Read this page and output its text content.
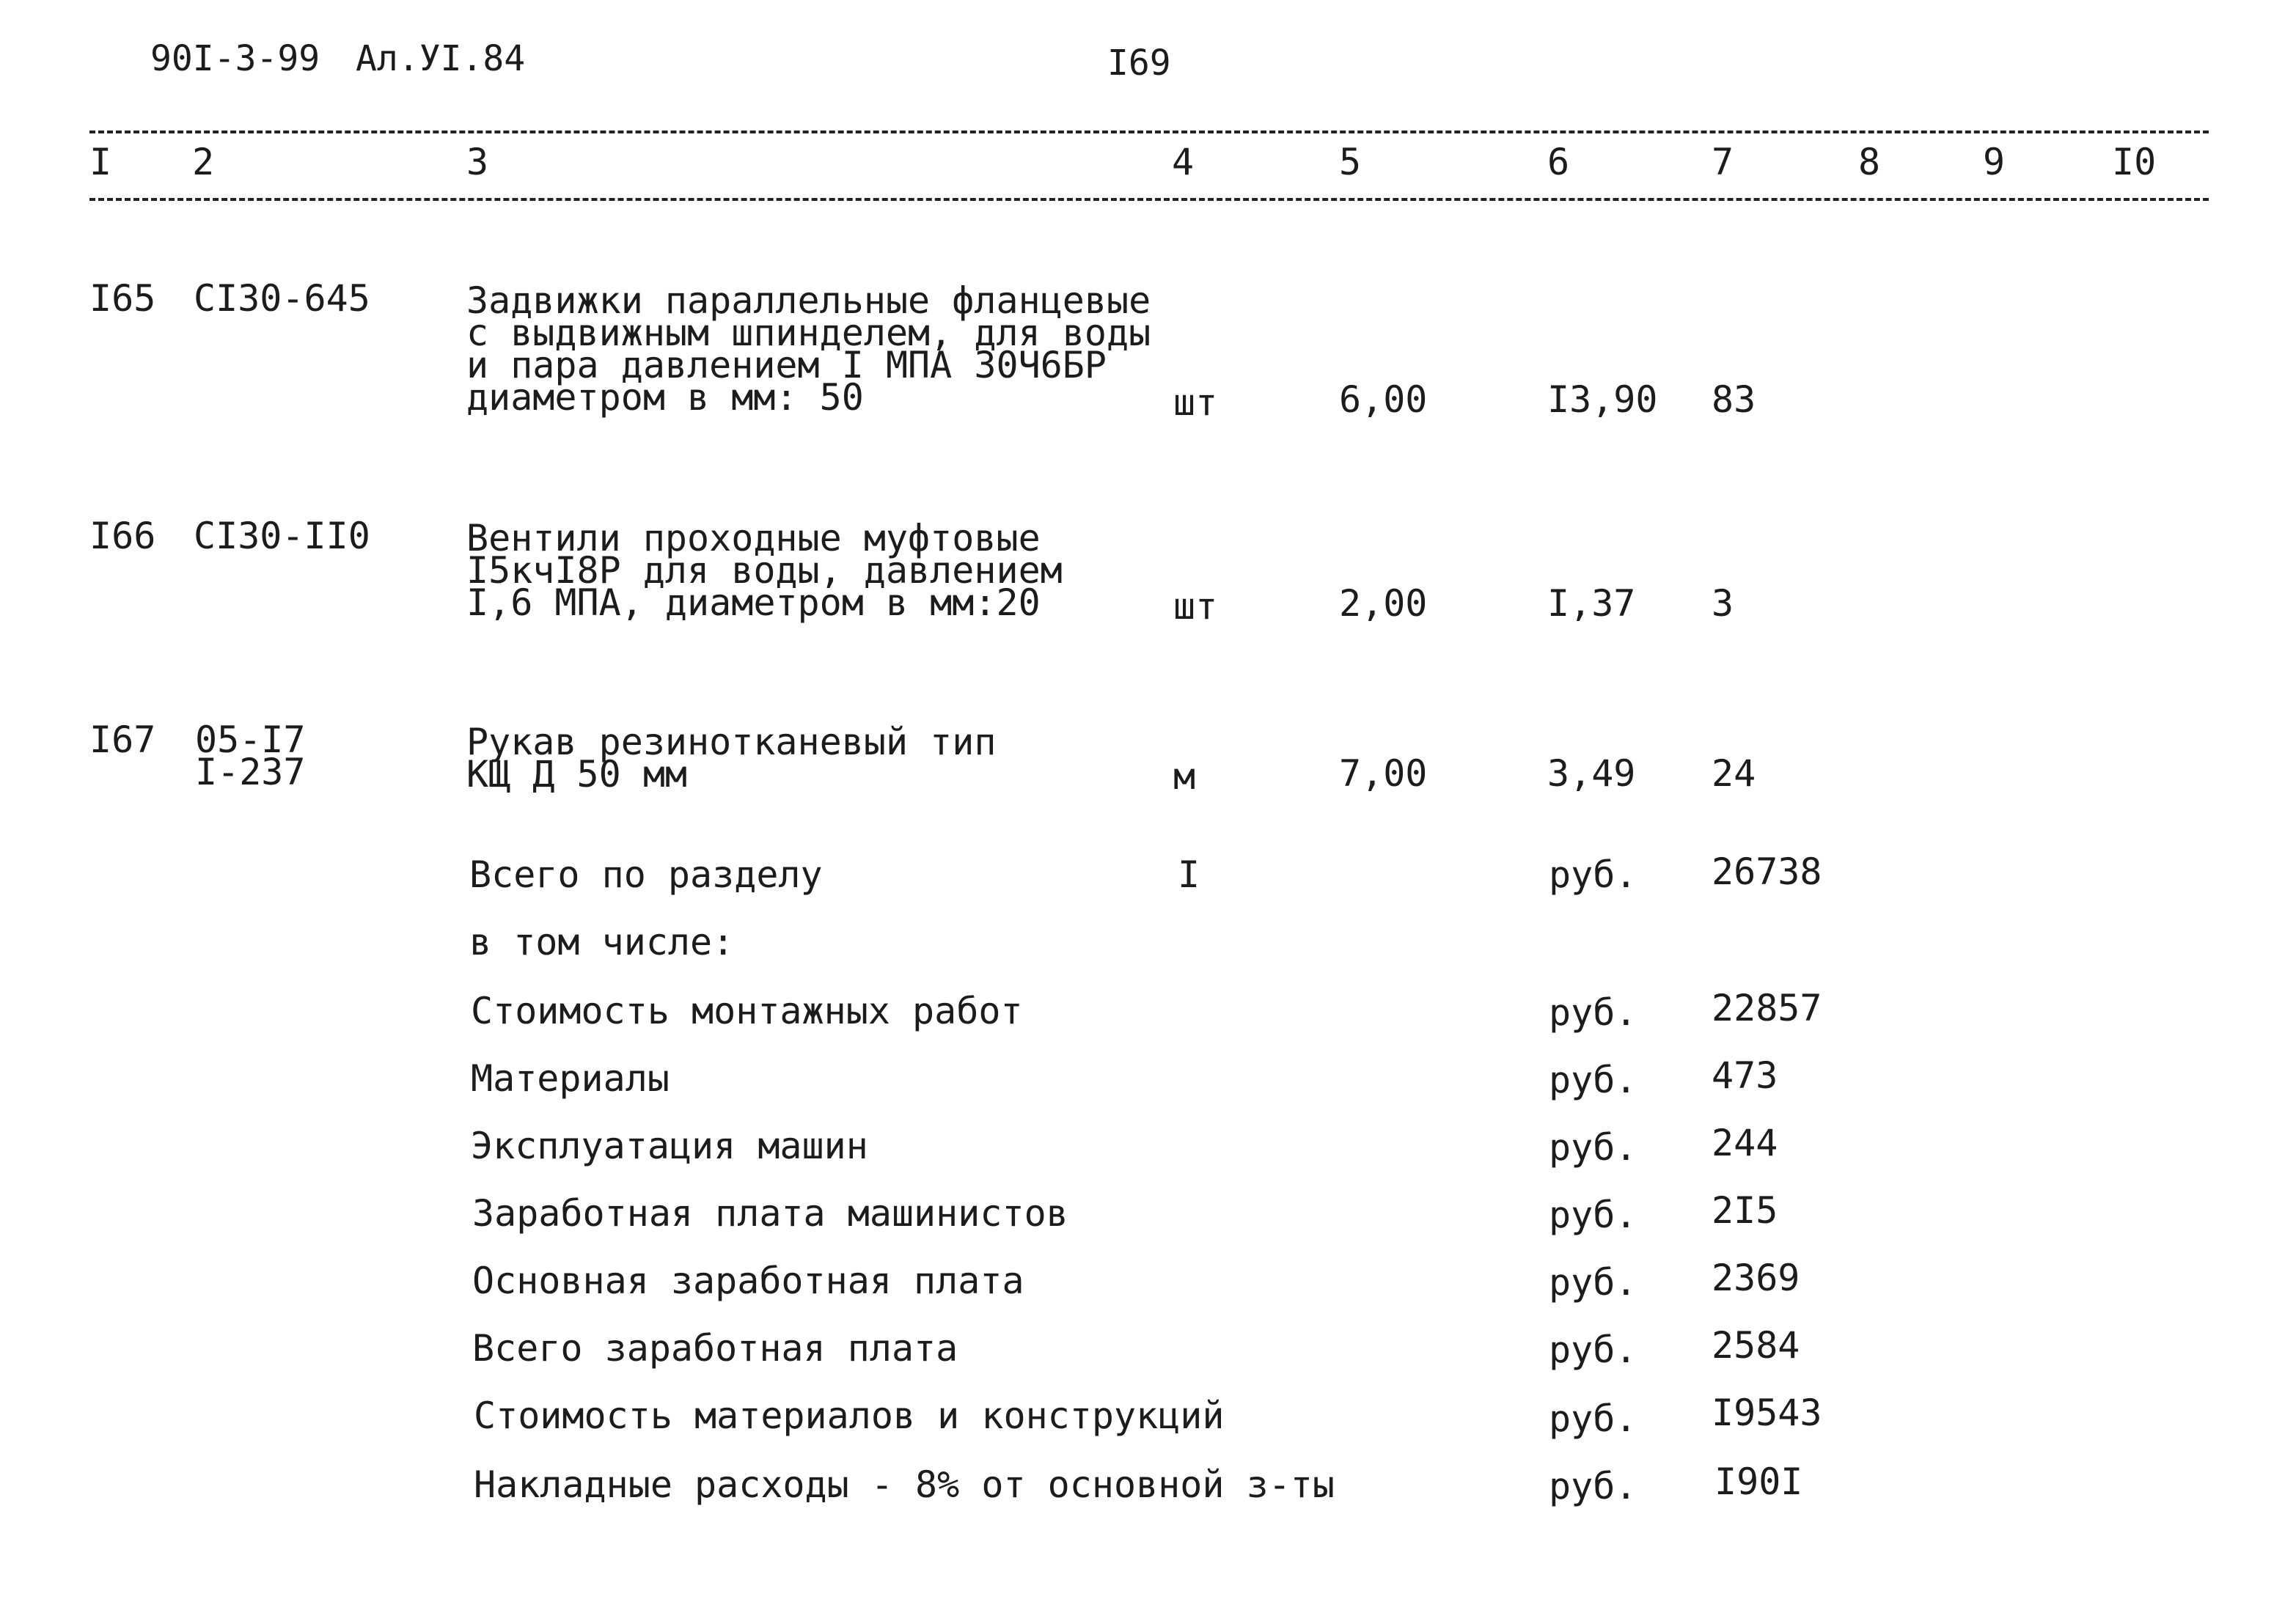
90I-3-99 Ал.УI.84	I69
I 2	3	4	5	6	7	8	9	I0
I65 CI30-645	Задвижки параллельные фланцевые
с выдвижным шпинделем, для воды
и пара давлением I МПА 30Ч6БР
диаметром в мм: 50	шт	6,00	I3,90 83
I66 CI30-II0	Вентили проходные муфтовые
I5кчI8Р для воды, давлением
I,6 МПА, диаметром в мм:20	шт	2,00	I,37 3
I67 05-I7
I-237
Рукав резинотканевый тип
КЩ Д 50 мм	м	7,00	3,49 24
Всего по разделу	I	руб. 26738
в том числе:
Стоимость монтажных работ	руб. 22857
Материалы	руб. 473
Эксплуатация машин	руб. 244
Заработная плата машинистов	руб. 2I5
Основная заработная плата	руб. 2369
Всего заработная плата	руб. 2584
Стоимость материалов и конструкций	руб. I9543
Накладные расходы - 8% от основной з-ты	руб. I90I
